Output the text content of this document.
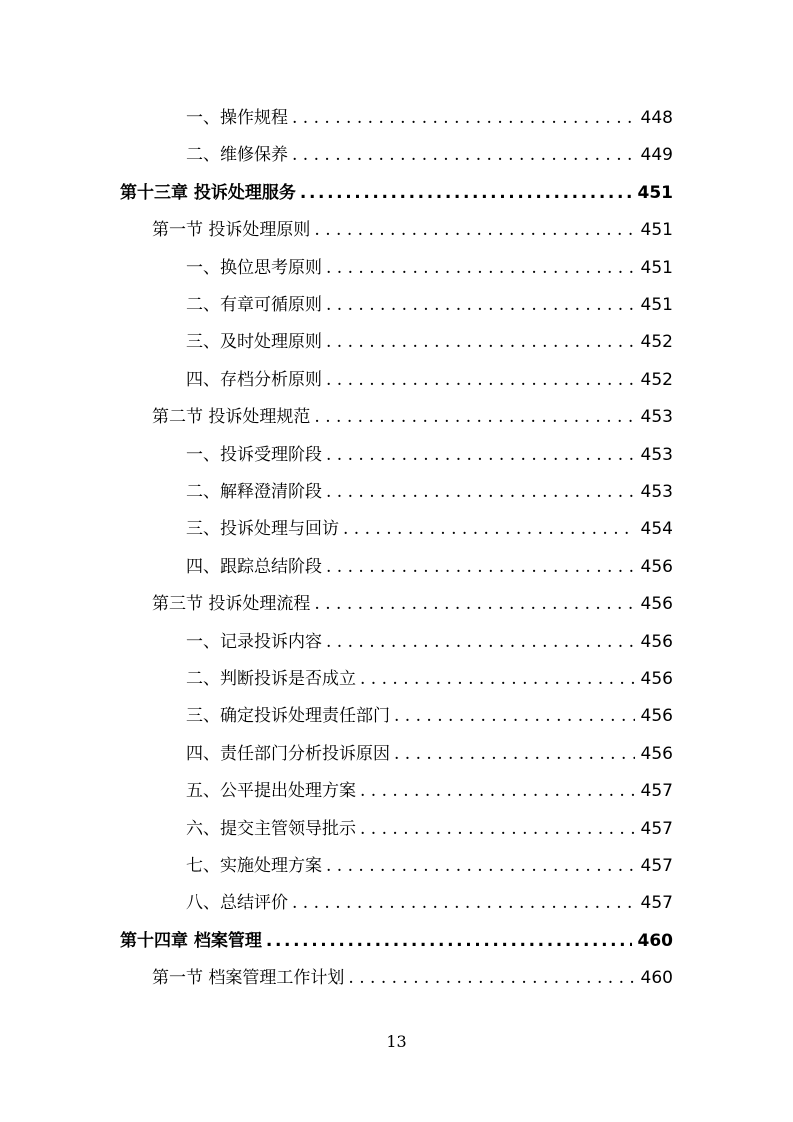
一、操作规程 . . .	448
二、维修保养 . . .	449
第十三章 投诉处理服务 .....	451
第一节 投诉处理原则 . . .	451
一、换位思考原则 . . .	451
二、有章可循原则 . . .	451
三、及时处理原则 . . .	452
四、存档分析原则 . . .	452
第二节 投诉处理规范 . . .	453
一、投诉受理阶段 . . .	453
二、解释澄清阶段 . . .	453
三、投诉处理与回访 . . .	454
四、跟踪总结阶段 . . .	456
第三节 投诉处理流程 . . .	456
一、记录投诉内容 . . .	456
二、判断投诉是否成立 . . .	456
三、确定投诉处理责任部门 . . .	456
四、责任部门分析投诉原因 . . .	456
五、公平提出处理方案 . . .	457
六、提交主管领导批示 . . .	457
七、实施处理方案 . . .	457
八、总结评价 . . .	457
第十四章 档案管理 .....	460
第一节 档案管理工作计划 . . .	460
13
